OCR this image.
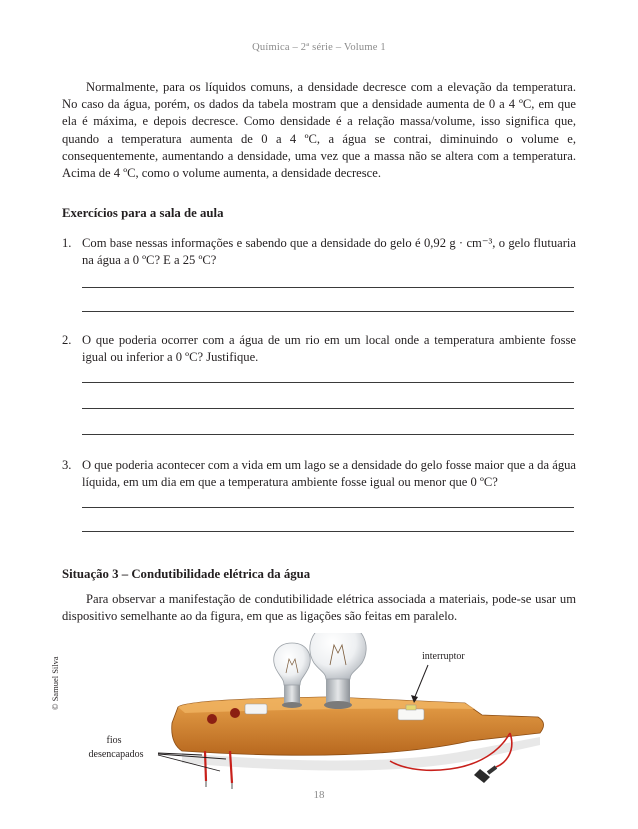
Química – 2ª série – Volume 1

Normalmente, para os líquidos comuns, a densidade decresce com a elevação da temperatura. No caso da água, porém, os dados da tabela mostram que a densidade aumenta de 0 a 4 ºC, em que ela é máxima, e depois decresce. Como densidade é a relação massa/volume, isso significa que, quando a temperatura aumenta de 0 a 4 ºC, a água se contrai, diminuindo o volume e, consequentemente, aumentando a densidade, uma vez que a massa não se altera com a temperatura. Acima de 4 ºC, como o volume aumenta, a densidade decresce.

Exercícios para a sala de aula

1. Com base nessas informações e sabendo que a densidade do gelo é 0,92 g · cm⁻³, o gelo flutuaria na água a 0 ºC? E a 25 ºC?
2. O que poderia ocorrer com a água de um rio em um local onde a temperatura ambiente fosse igual ou inferior a 0 ºC? Justifique.
3. O que poderia acontecer com a vida em um lago se a densidade do gelo fosse maior que a da água líquida, em um dia em que a temperatura ambiente fosse igual ou menor que 0 ºC?

Situação 3 – Condutibilidade elétrica da água

Para observar a manifestação de condutibilidade elétrica associada a materiais, pode-se usar um dispositivo semelhante ao da figura, em que as ligações são feitas em paralelo.

© Samuel Silva	interruptor
fios
desencapados
18
